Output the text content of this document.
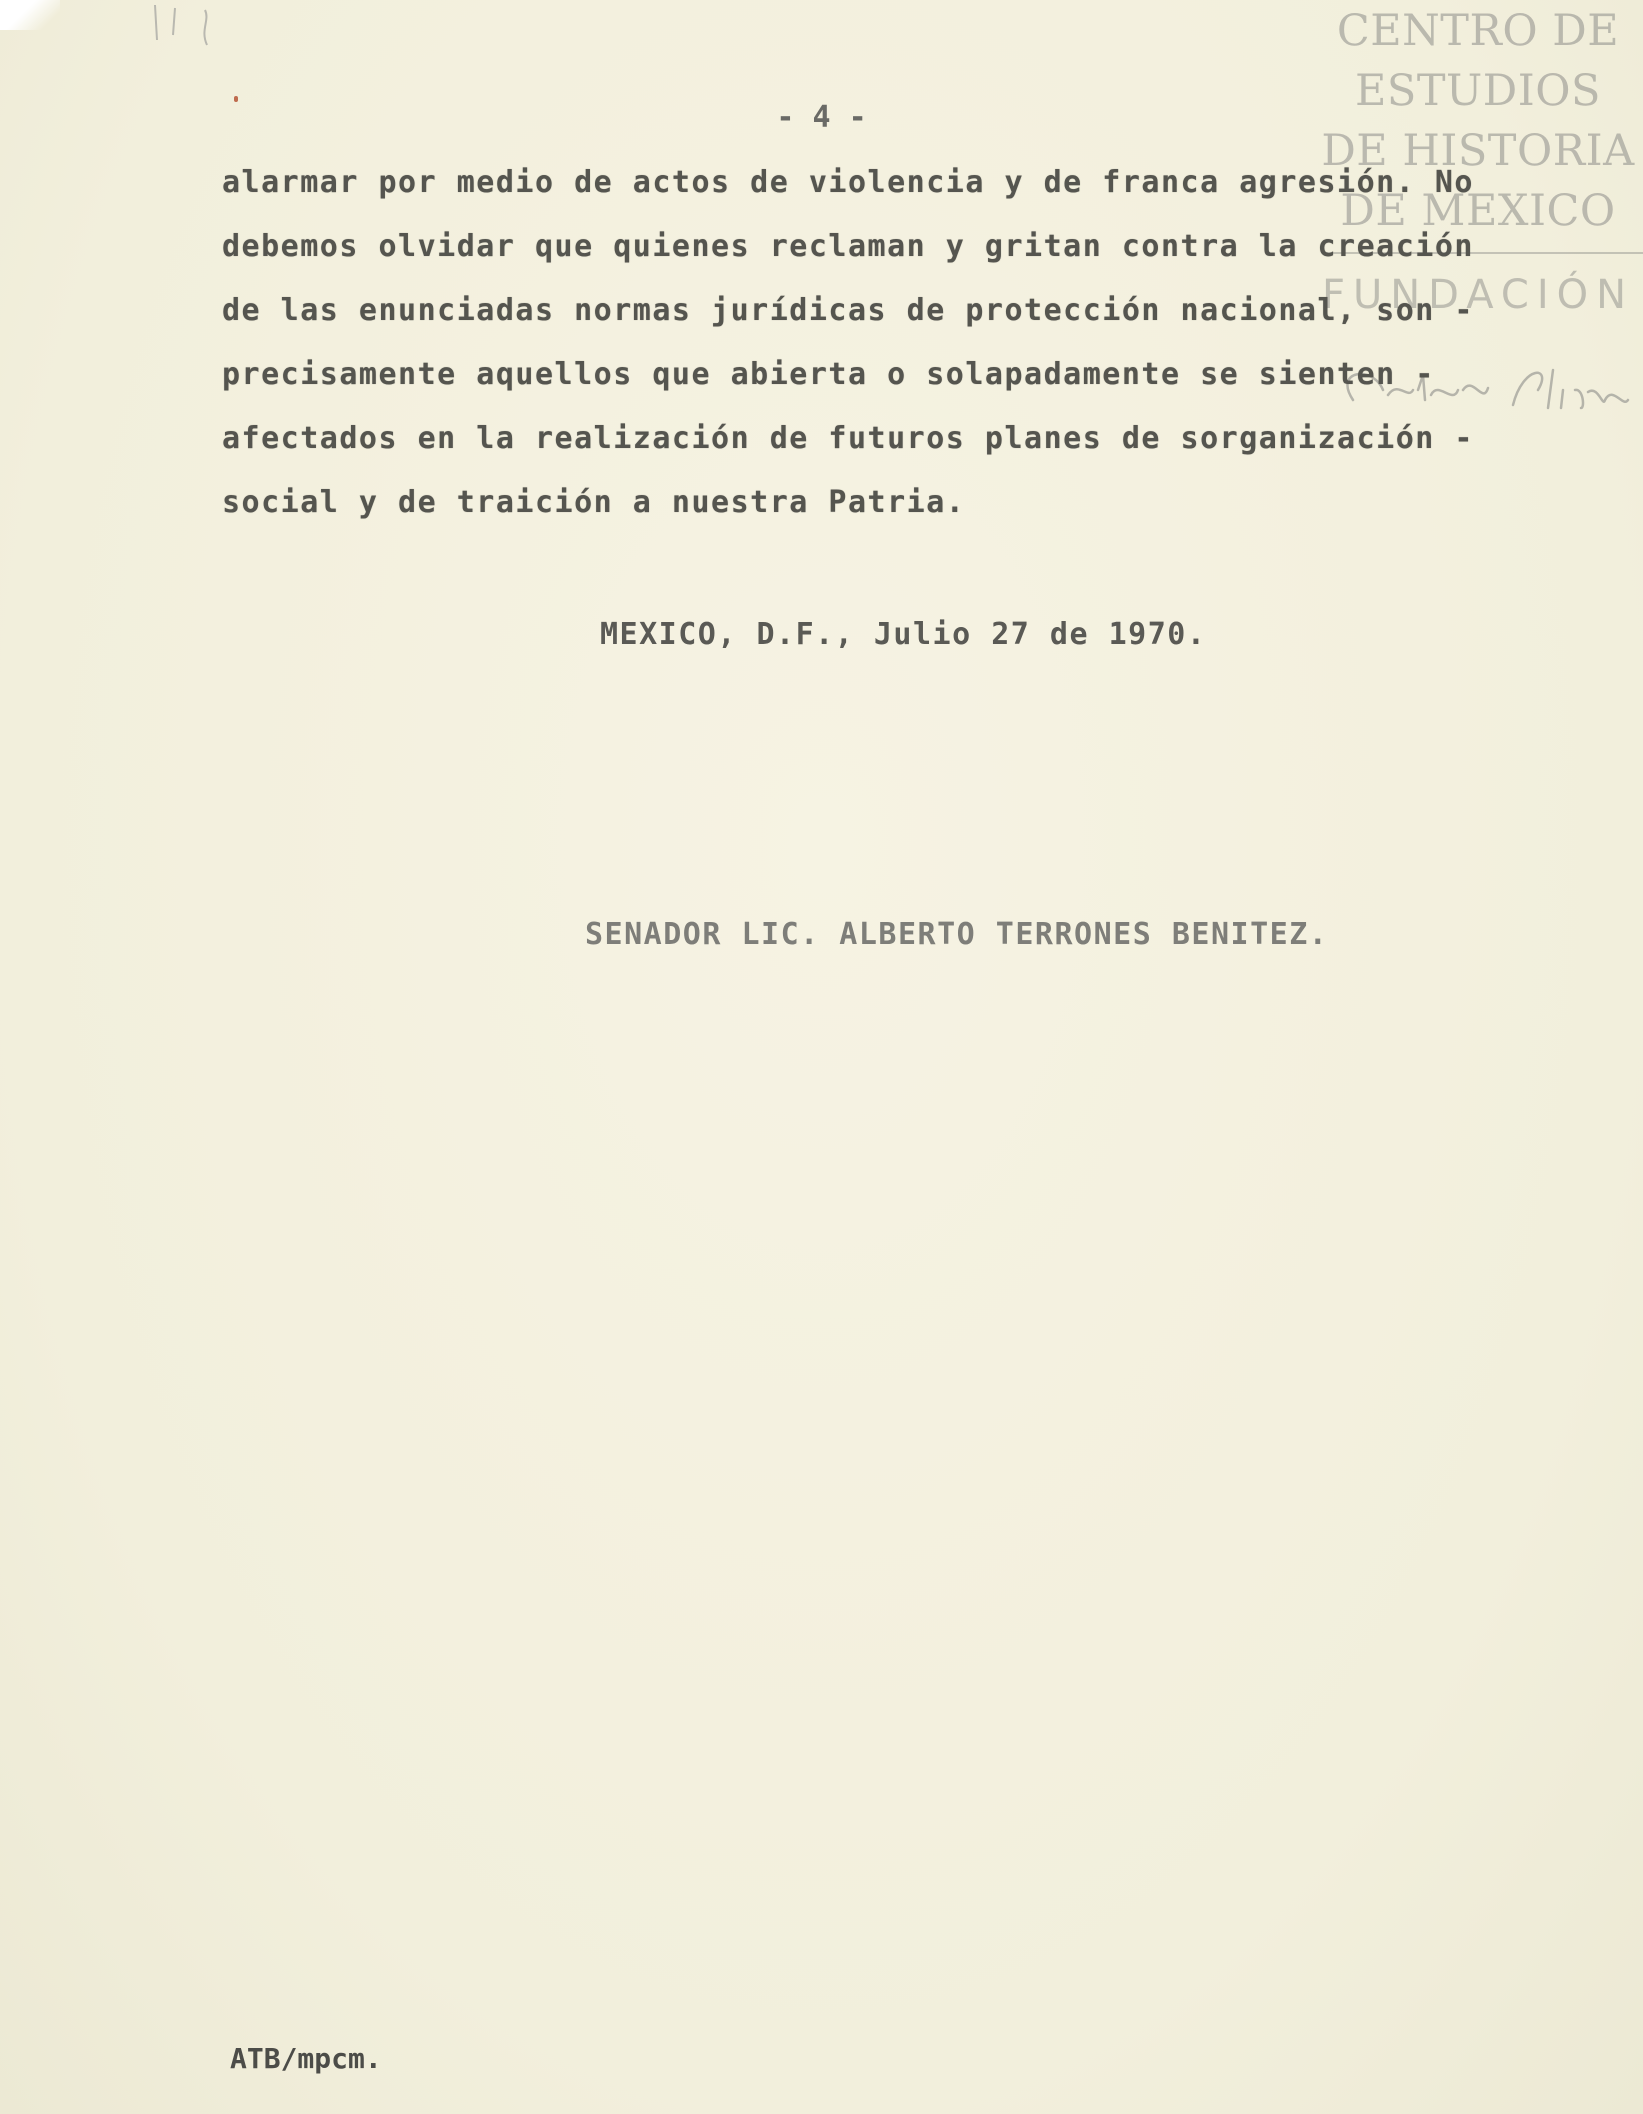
CENTRO DE
ESTUDIOS
DE HISTORIA
DE MEXICO
FUNDACIÓN
- 4 -
alarmar por medio de actos de violencia y de franca agresión. No
debemos olvidar que quienes reclaman y gritan contra la creación
de las enunciadas normas jurídicas de protección nacional, son -
precisamente aquellos que abierta o solapadamente se sienten -
afectados en la realización de futuros planes de sorganización -
social y de traición a nuestra Patria.
MEXICO, D.F., Julio 27 de 1970.
SENADOR LIC. ALBERTO TERRONES BENITEZ.
ATB/mpcm.
